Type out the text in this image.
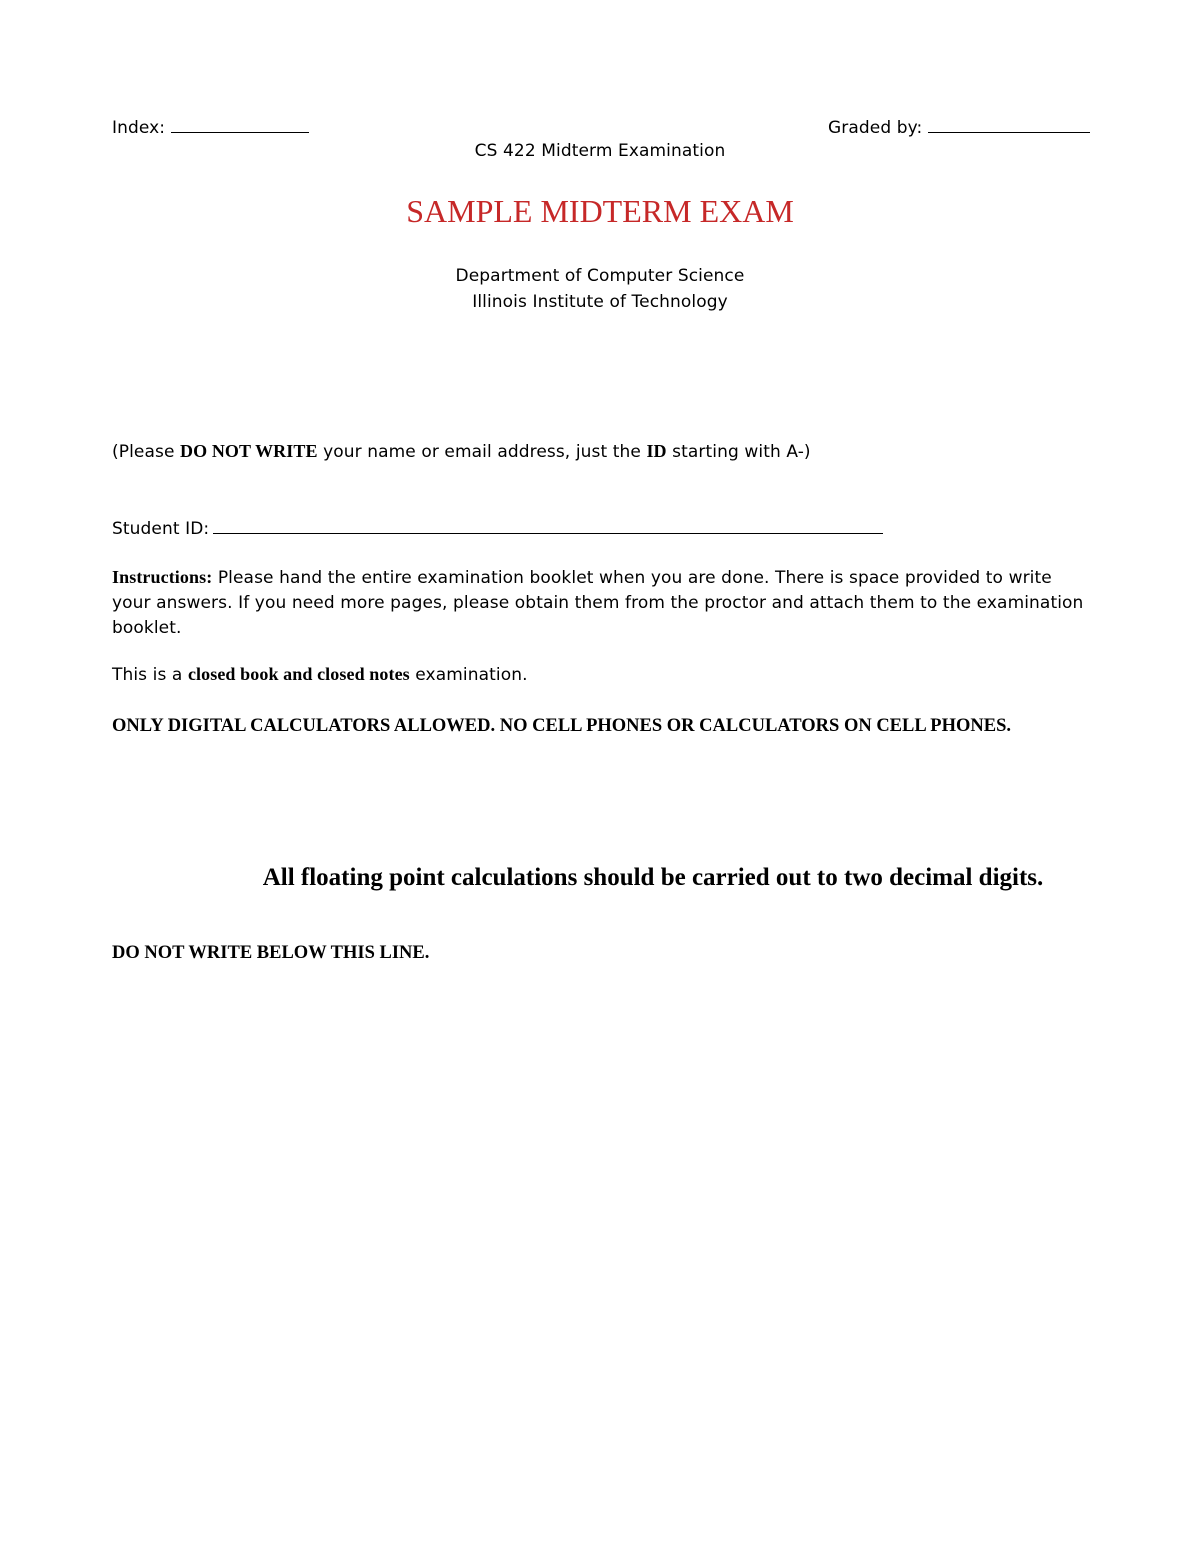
Index:	Graded by:
CS 422 Midterm Examination
SAMPLE MIDTERM EXAM
Department of Computer Science
Illinois Institute of Technology
(Please DO NOT WRITE your name or email address, just the ID starting with A-)
Student ID:
Instructions: Please hand the entire examination booklet when you are done. There is space provided to write your answers. If you need more pages, please obtain them from the proctor and attach them to the examination booklet.
This is a closed book and closed notes examination.
ONLY DIGITAL CALCULATORS ALLOWED. NO CELL PHONES OR CALCULATORS ON CELL PHONES.
All floating point calculations should be carried out to two decimal digits.
DO NOT WRITE BELOW THIS LINE.
